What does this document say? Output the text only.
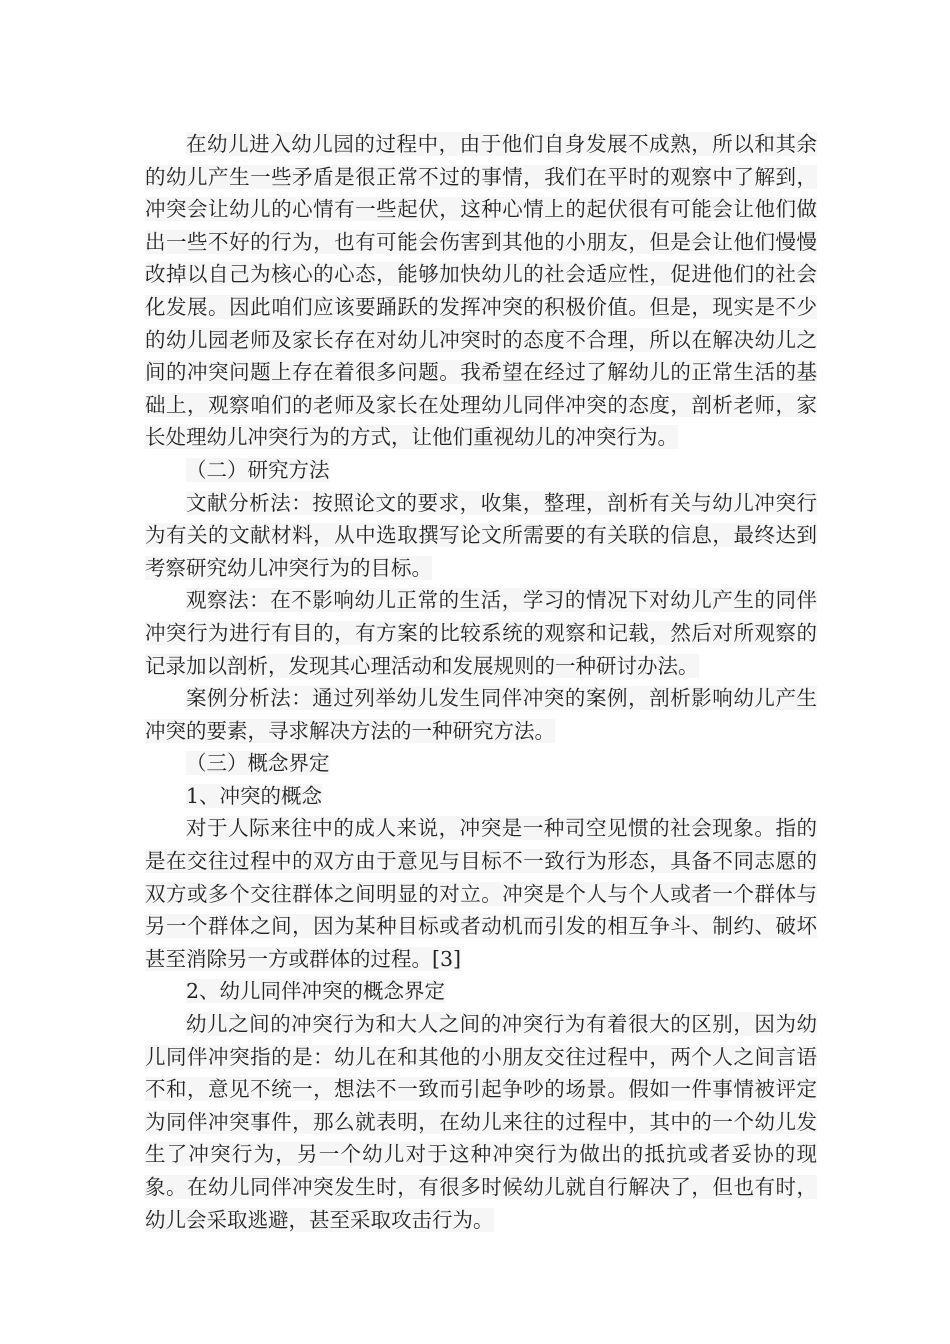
在幼儿进入幼儿园的过程中，由于他们自身发展不成熟，所以和其余的幼儿产生一些矛盾是很正常不过的事情，我们在平时的观察中了解到，冲突会让幼儿的心情有一些起伏，这种心情上的起伏很有可能会让他们做出一些不好的行为，也有可能会伤害到其他的小朋友，但是会让他们慢慢改掉以自己为核心的心态，能够加快幼儿的社会适应性，促进他们的社会化发展。因此咱们应该要踊跃的发挥冲突的积极价值。但是，现实是不少的幼儿园老师及家长存在对幼儿冲突时的态度不合理，所以在解决幼儿之间的冲突问题上存在着很多问题。我希望在经过了解幼儿的正常生活的基础上，观察咱们的老师及家长在处理幼儿同伴冲突的态度，剖析老师，家长处理幼儿冲突行为的方式，让他们重视幼儿的冲突行为。

（二）研究方法

文献分析法：按照论文的要求，收集，整理，剖析有关与幼儿冲突行为有关的文献材料，从中选取撰写论文所需要的有关联的信息，最终达到考察研究幼儿冲突行为的目标。

观察法：在不影响幼儿正常的生活，学习的情况下对幼儿产生的同伴冲突行为进行有目的，有方案的比较系统的观察和记载，然后对所观察的记录加以剖析，发现其心理活动和发展规则的一种研讨办法。

案例分析法：通过列举幼儿发生同伴冲突的案例，剖析影响幼儿产生冲突的要素，寻求解决方法的一种研究方法。

（三）概念界定

1、冲突的概念

对于人际来往中的成人来说，冲突是一种司空见惯的社会现象。指的是在交往过程中的双方由于意见与目标不一致行为形态，具备不同志愿的双方或多个交往群体之间明显的对立。冲突是个人与个人或者一个群体与另一个群体之间，因为某种目标或者动机而引发的相互争斗、制约、破坏甚至消除另一方或群体的过程。[3]

2、幼儿同伴冲突的概念界定

幼儿之间的冲突行为和大人之间的冲突行为有着很大的区别，因为幼儿同伴冲突指的是：幼儿在和其他的小朋友交往过程中，两个人之间言语不和，意见不统一，想法不一致而引起争吵的场景。假如一件事情被评定为同伴冲突事件，那么就表明，在幼儿来往的过程中，其中的一个幼儿发生了冲突行为，另一个幼儿对于这种冲突行为做出的抵抗或者妥协的现象。在幼儿同伴冲突发生时，有很多时候幼儿就自行解决了，但也有时，幼儿会采取逃避，甚至采取攻击行为。
